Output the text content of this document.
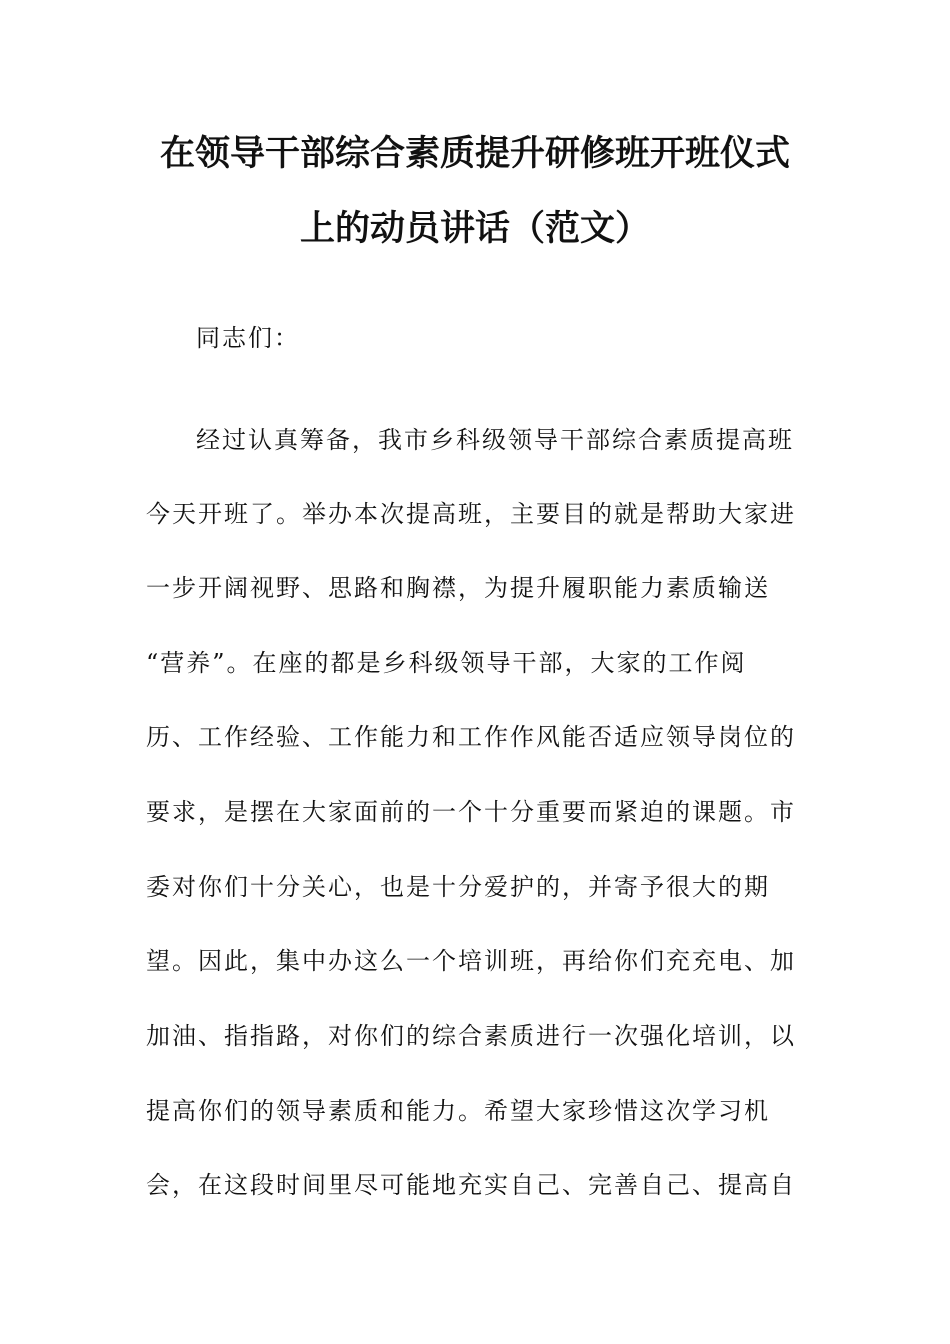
在领导干部综合素质提升研修班开班仪式
上的动员讲话（范文）
同志们：
经过认真筹备，我市乡科级领导干部综合素质提高班
今天开班了。举办本次提高班，主要目的就是帮助大家进
一步开阔视野、思路和胸襟，为提升履职能力素质输送
“营养”。在座的都是乡科级领导干部，大家的工作阅
历、工作经验、工作能力和工作作风能否适应领导岗位的
要求，是摆在大家面前的一个十分重要而紧迫的课题。市
委对你们十分关心，也是十分爱护的，并寄予很大的期
望。因此，集中办这么一个培训班，再给你们充充电、加
加油、指指路，对你们的综合素质进行一次强化培训，以
提高你们的领导素质和能力。希望大家珍惜这次学习机
会，在这段时间里尽可能地充实自己、完善自己、提高自
